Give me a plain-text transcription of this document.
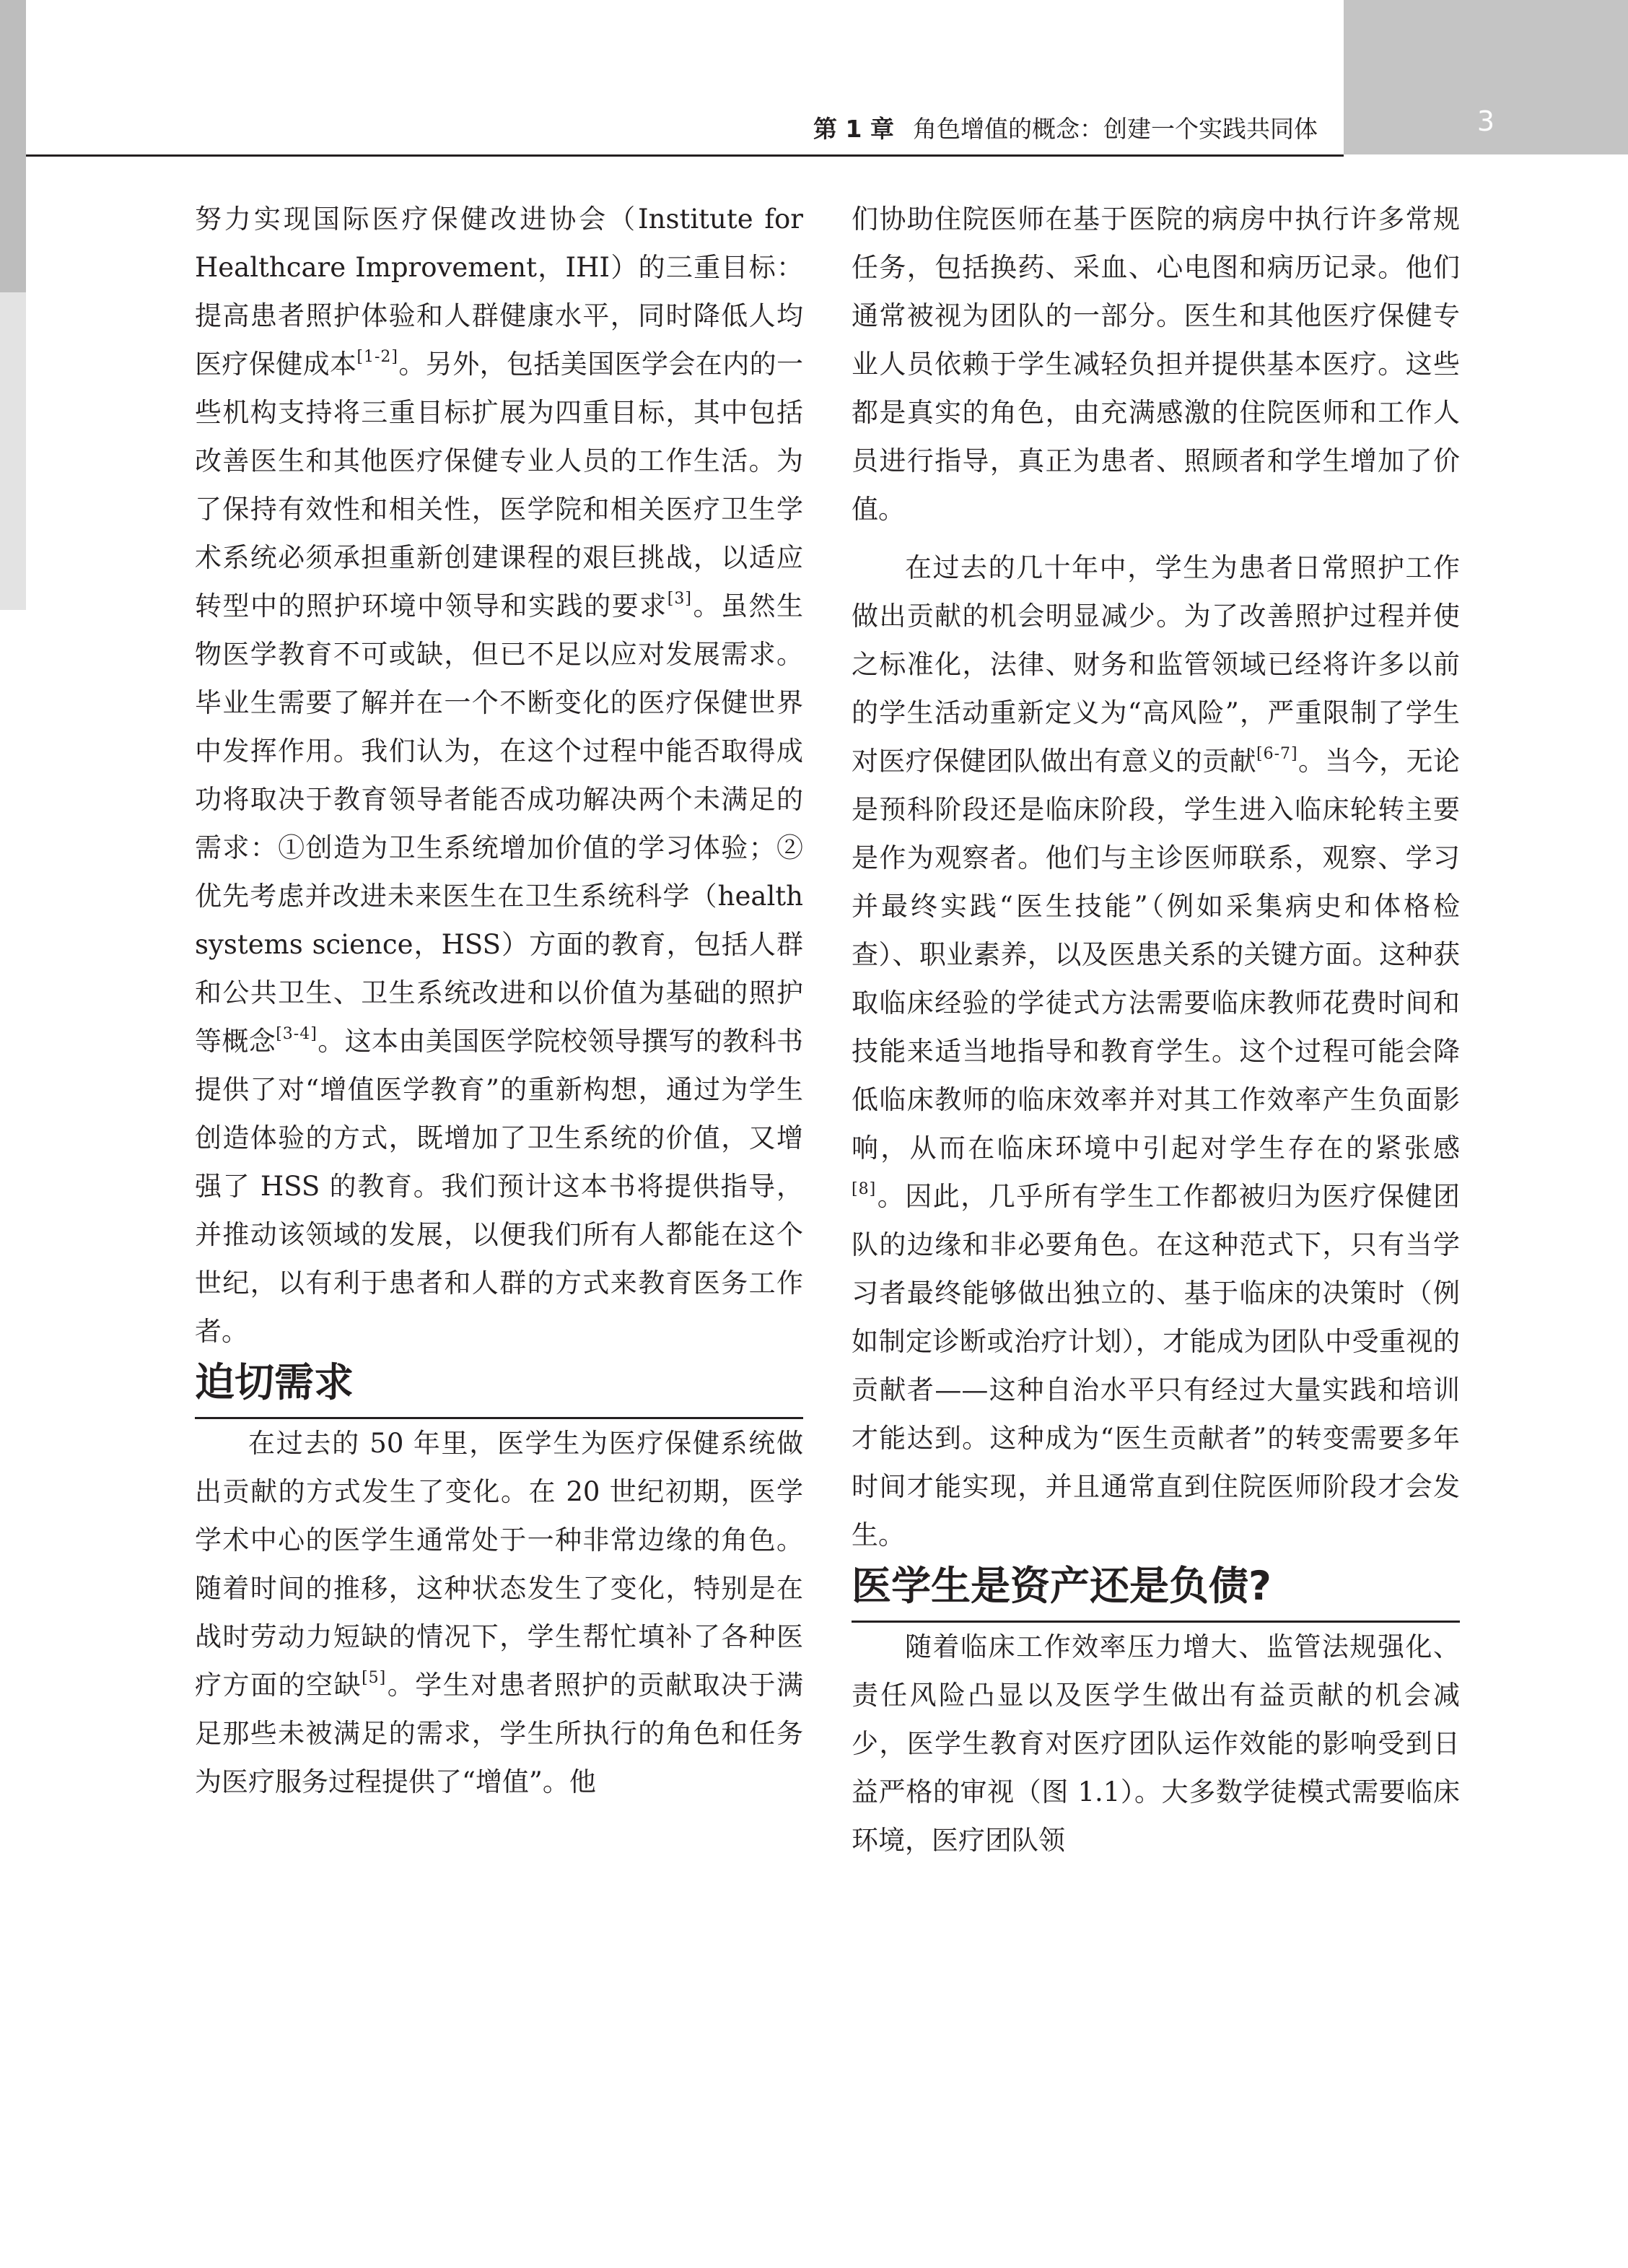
3
第 1 章 角色增值的概念：创建一个实践共同体

努力实现国际医疗保健改进协会（Institute for Healthcare Improvement，IHI）的三重目标：提高患者照护体验和人群健康水平，同时降低人均医疗保健成本[1-2]。另外，包括美国医学会在内的一些机构支持将三重目标扩展为四重目标，其中包括改善医生和其他医疗保健专业人员的工作生活。为了保持有效性和相关性，医学院和相关医疗卫生学术系统必须承担重新创建课程的艰巨挑战，以适应转型中的照护环境中领导和实践的要求[3]。虽然生物医学教育不可或缺，但已不足以应对发展需求。毕业生需要了解并在一个不断变化的医疗保健世界中发挥作用。我们认为，在这个过程中能否取得成功将取决于教育领导者能否成功解决两个未满足的需求：①创造为卫生系统增加价值的学习体验；②优先考虑并改进未来医生在卫生系统科学（health systems science，HSS）方面的教育，包括人群和公共卫生、卫生系统改进和以价值为基础的照护等概念[3-4]。这本由美国医学院校领导撰写的教科书提供了对“增值医学教育”的重新构想，通过为学生创造体验的方式，既增加了卫生系统的价值，又增强了 HSS 的教育。我们预计这本书将提供指导，并推动该领域的发展，以便我们所有人都能在这个世纪，以有利于患者和人群的方式来教育医务工作者。

迫切需求

在过去的 50 年里，医学生为医疗保健系统做出贡献的方式发生了变化。在 20 世纪初期，医学学术中心的医学生通常处于一种非常边缘的角色。随着时间的推移，这种状态发生了变化，特别是在战时劳动力短缺的情况下，学生帮忙填补了各种医疗方面的空缺[5]。学生对患者照护的贡献取决于满足那些未被满足的需求，学生所执行的角色和任务为医疗服务过程提供了“增值”。他

们协助住院医师在基于医院的病房中执行许多常规任务，包括换药、采血、心电图和病历记录。他们通常被视为团队的一部分。医生和其他医疗保健专业人员依赖于学生减轻负担并提供基本医疗。这些都是真实的角色，由充满感激的住院医师和工作人员进行指导，真正为患者、照顾者和学生增加了价值。

在过去的几十年中，学生为患者日常照护工作做出贡献的机会明显减少。为了改善照护过程并使之标准化，法律、财务和监管领域已经将许多以前的学生活动重新定义为“高风险”，严重限制了学生对医疗保健团队做出有意义的贡献[6-7]。当今，无论是预科阶段还是临床阶段，学生进入临床轮转主要是作为观察者。他们与主诊医师联系，观察、学习并最终实践“医生技能”（例如采集病史和体格检查）、职业素养，以及医患关系的关键方面。这种获取临床经验的学徒式方法需要临床教师花费时间和技能来适当地指导和教育学生。这个过程可能会降低临床教师的临床效率并对其工作效率产生负面影响，从而在临床环境中引起对学生存在的紧张感[8]。因此，几乎所有学生工作都被归为医疗保健团队的边缘和非必要角色。在这种范式下，只有当学习者最终能够做出独立的、基于临床的决策时（例如制定诊断或治疗计划），才能成为团队中受重视的贡献者——这种自治水平只有经过大量实践和培训才能达到。这种成为“医生贡献者”的转变需要多年时间才能实现，并且通常直到住院医师阶段才会发生。

医学生是资产还是负债?

随着临床工作效率压力增大、监管法规强化、责任风险凸显以及医学生做出有益贡献的机会减少，医学生教育对医疗团队运作效能的影响受到日益严格的审视（图 1.1）。大多数学徒模式需要临床环境，医疗团队领
